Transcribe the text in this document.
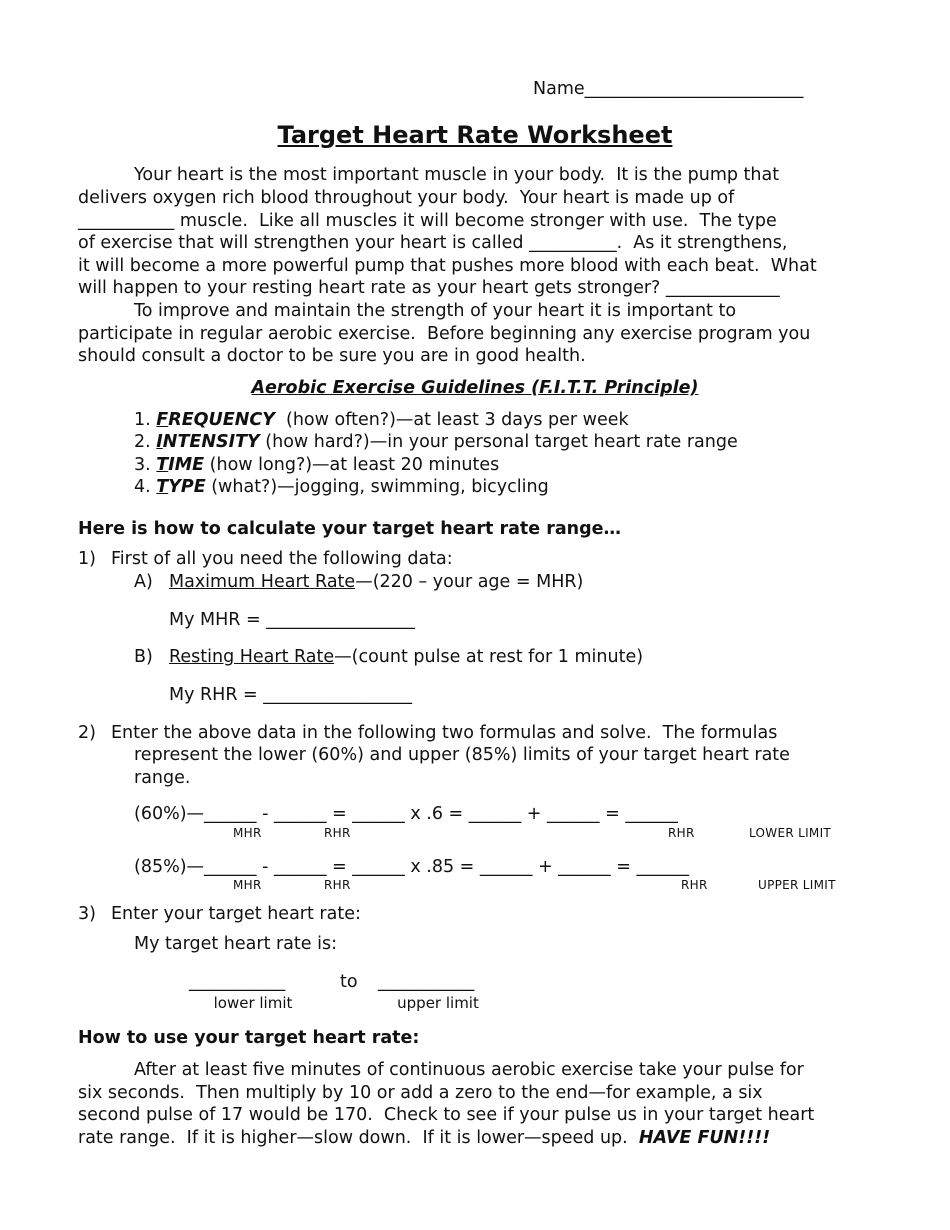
Name_________________________
Target Heart Rate Worksheet
Your heart is the most important muscle in your body.  It is the pump that
delivers oxygen rich blood throughout your body.  Your heart is made up of
___________ muscle.  Like all muscles it will become stronger with use.  The type
of exercise that will strengthen your heart is called __________.  As it strengthens,
it will become a more powerful pump that pushes more blood with each beat.  What
will happen to your resting heart rate as your heart gets stronger? _____________
To improve and maintain the strength of your heart it is important to
participate in regular aerobic exercise.  Before beginning any exercise program you
should consult a doctor to be sure you are in good health.
Aerobic Exercise Guidelines (F.I.T.T. Principle)
1. FREQUENCY  (how often?)—at least 3 days per week
2. INTENSITY (how hard?)—in your personal target heart rate range
3. TIME (how long?)—at least 20 minutes
4. TYPE (what?)—jogging, swimming, bicycling
Here is how to calculate your target heart rate range…
1) First of all you need the following data:
A) Maximum Heart Rate—(220 – your age = MHR)
My MHR = _________________
B) Resting Heart Rate—(count pulse at rest for 1 minute)
My RHR = _________________
2) Enter the above data in the following two formulas and solve.  The formulas
represent the lower (60%) and upper (85%) limits of your target heart rate
range.
(60%)—______ - ______ = ______ x .6 = ______ + ______ = ______
MHR	RHR	RHR	LOWER LIMIT
(85%)—______ - ______ = ______ x .85 = ______ + ______ = ______
MHR	RHR	RHR	UPPER LIMIT
3) Enter your target heart rate:
My target heart rate is:
___________	to ___________
lower limit	upper limit
How to use your target heart rate:
After at least five minutes of continuous aerobic exercise take your pulse for
six seconds.  Then multiply by 10 or add a zero to the end—for example, a six
second pulse of 17 would be 170.  Check to see if your pulse us in your target heart
rate range.  If it is higher—slow down.  If it is lower—speed up.  HAVE FUN!!!!
